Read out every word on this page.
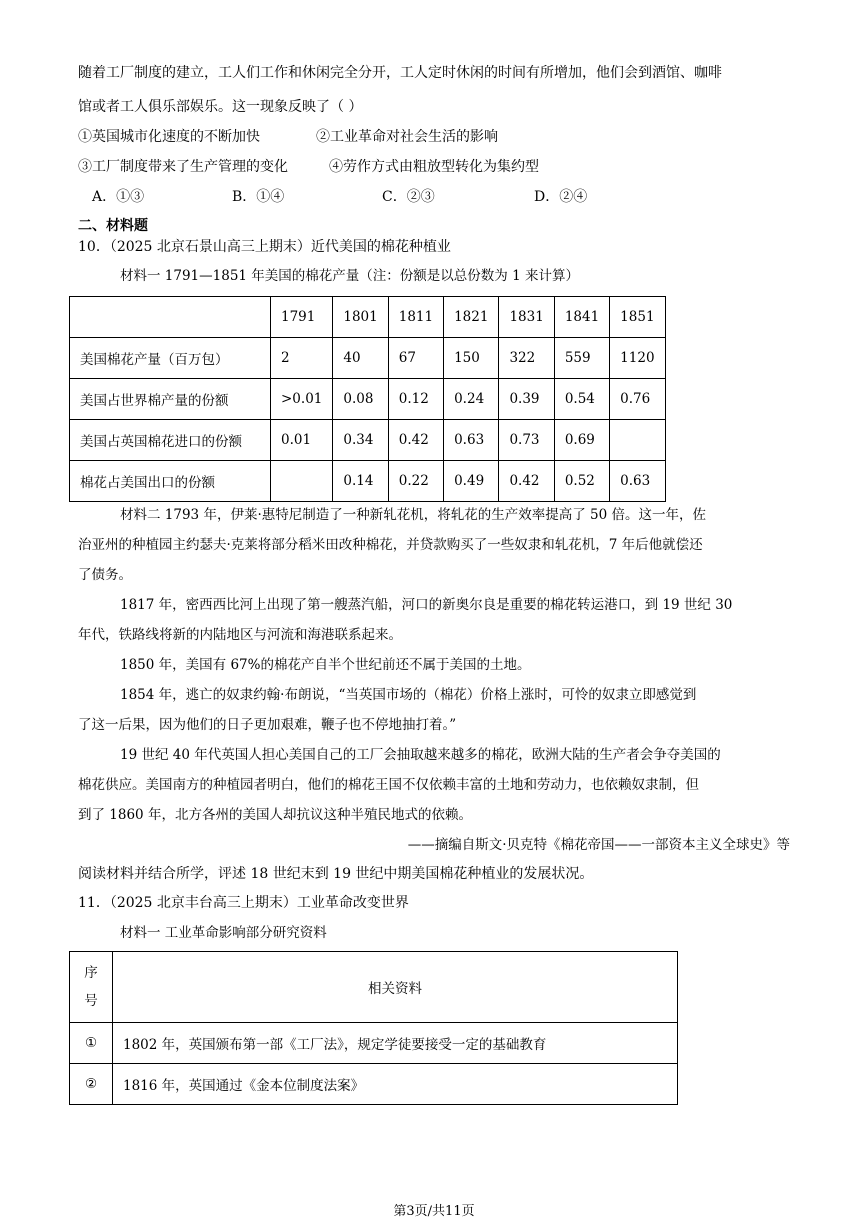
随着工厂制度的建立，工人们工作和休闲完全分开，工人定时休闲的时间有所增加，他们会到酒馆、咖啡
馆或者工人俱乐部娱乐。这一现象反映了（ ）
①英国城市化速度的不断加快	②工业革命对社会生活的影响
③工厂制度带来了生产管理的变化	④劳作方式由粗放型转化为集约型
A．①③	B．①④	C．②③	D．②④
二、材料题
10．（2025 北京石景山高三上期末）近代美国的棉花种植业
材料一 1791—1851 年美国的棉花产量（注：份额是以总份数为 1 来计算）
	1791	1801	1811	1821	1831	1841	1851
美国棉花产量（百万包）	2	40	67	150	322	559	1120
美国占世界棉产量的份额	>0.01	0.08	0.12	0.24	0.39	0.54	0.76
美国占英国棉花进口的份额	0.01	0.34	0.42	0.63	0.73	0.69	
棉花占美国出口的份额		0.14	0.22	0.49	0.42	0.52	0.63
材料二 1793 年，伊莱·惠特尼制造了一种新轧花机，将轧花的生产效率提高了 50 倍。这一年，佐
治亚州的种植园主约瑟夫·克莱将部分稻米田改种棉花，并贷款购买了一些奴隶和轧花机，7 年后他就偿还
了债务。
1817 年，密西西比河上出现了第一艘蒸汽船，河口的新奥尔良是重要的棉花转运港口，到 19 世纪 30
年代，铁路线将新的内陆地区与河流和海港联系起来。
1850 年，美国有 67%的棉花产自半个世纪前还不属于美国的土地。
1854 年，逃亡的奴隶约翰·布朗说，“当英国市场的（棉花）价格上涨时，可怜的奴隶立即感觉到
了这一后果，因为他们的日子更加艰难，鞭子也不停地抽打着。”
19 世纪 40 年代英国人担心美国自己的工厂会抽取越来越多的棉花，欧洲大陆的生产者会争夺美国的
棉花供应。美国南方的种植园者明白，他们的棉花王国不仅依赖丰富的土地和劳动力，也依赖奴隶制，但
到了 1860 年，北方各州的美国人却抗议这种半殖民地式的依赖。
——摘编自斯文·贝克特《棉花帝国——一部资本主义全球史》等
阅读材料并结合所学，评述 18 世纪末到 19 世纪中期美国棉花种植业的发展状况。
11．（2025 北京丰台高三上期末）工业革命改变世界
材料一 工业革命影响部分研究资料
序号	相关资料
①	1802 年，英国颁布第一部《工厂法》，规定学徒要接受一定的基础教育
②	1816 年，英国通过《金本位制度法案》
第3页/共11页
